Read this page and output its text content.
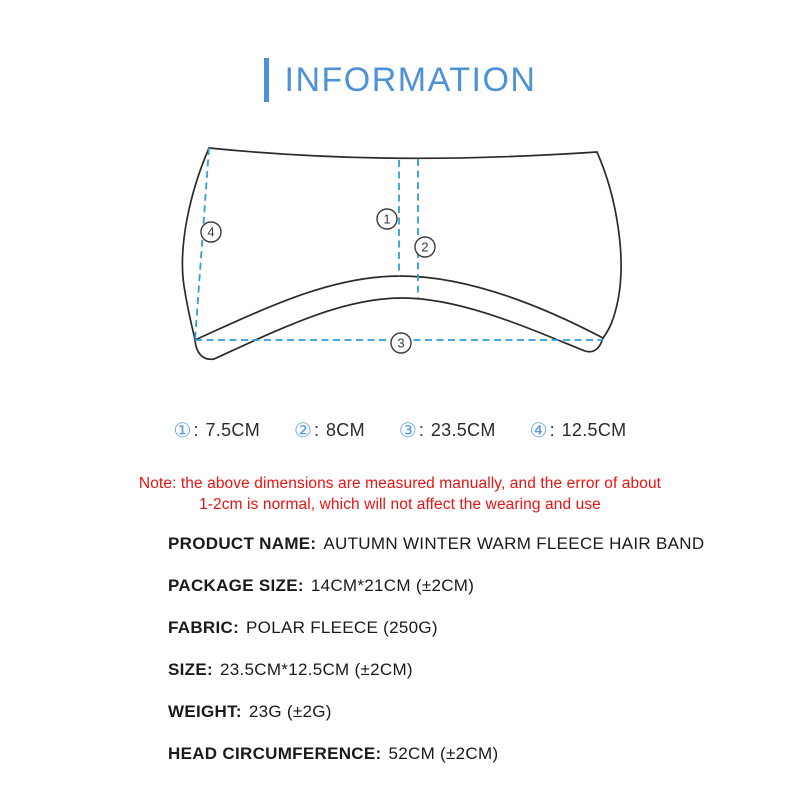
INFORMATION
1
2
3
4
① : 7.5CM ② : 8CM ③ : 23.5CM ④ : 12.5CM
Note: the above dimensions are measured manually, and the error of about
1-2cm is normal, which will not affect the wearing and use
PRODUCT NAME: AUTUMN WINTER WARM FLEECE HAIR BAND
PACKAGE SIZE: 14CM*21CM (±2CM)
FABRIC: POLAR FLEECE (250G)
SIZE: 23.5CM*12.5CM (±2CM)
WEIGHT: 23G (±2G)
HEAD CIRCUMFERENCE: 52CM (±2CM)
